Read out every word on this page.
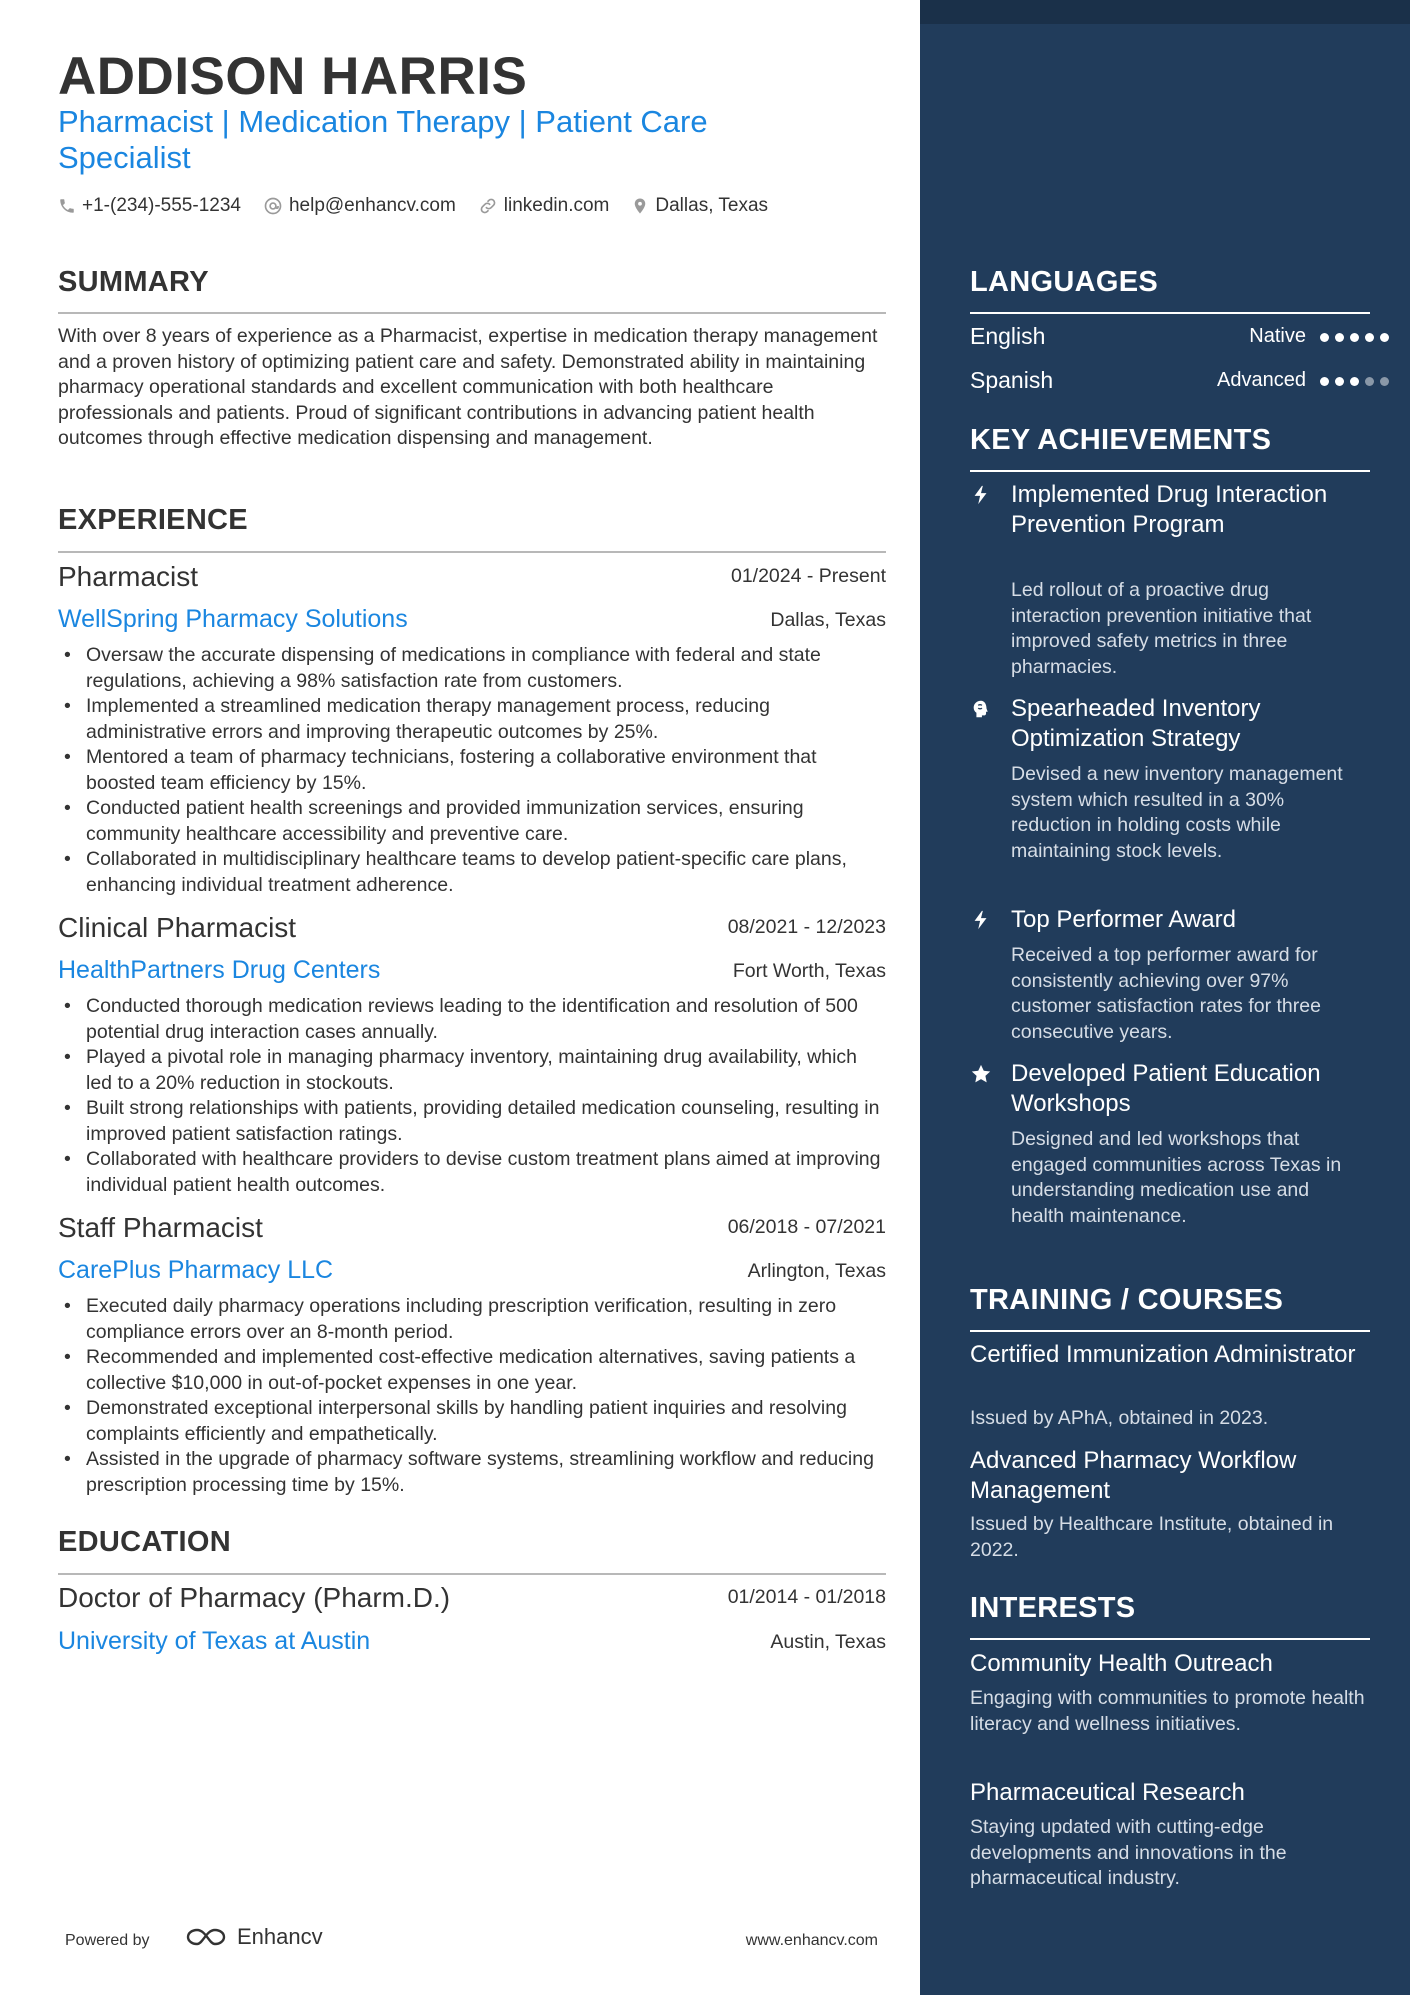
ADDISON HARRIS
Pharmacist | Medication Therapy | Patient Care Specialist
+1-(234)-555-1234	help@enhancv.com	linkedin.com Dallas, Texas
SUMMARY

With over 8 years of experience as a Pharmacist, expertise in medication therapy management and a proven history of optimizing patient care and safety. Demonstrated ability in maintaining pharmacy operational standards and excellent communication with both healthcare professionals and patients. Proud of significant contributions in advancing patient health outcomes through effective medication dispensing and management.

EXPERIENCE
Pharmacist	01/2024 - Present
WellSpring Pharmacy Solutions	Dallas, Texas
• Oversaw the accurate dispensing of medications in compliance with federal and state regulations, achieving a 98% satisfaction rate from customers.
• Implemented a streamlined medication therapy management process, reducing administrative errors and improving therapeutic outcomes by 25%.
• Mentored a team of pharmacy technicians, fostering a collaborative environment that boosted team efficiency by 15%.
• Conducted patient health screenings and provided immunization services, ensuring community healthcare accessibility and preventive care.
• Collaborated in multidisciplinary healthcare teams to develop patient-specific care plans, enhancing individual treatment adherence.
Clinical Pharmacist	08/2021 - 12/2023
HealthPartners Drug Centers	Fort Worth, Texas
• Conducted thorough medication reviews leading to the identification and resolution of 500 potential drug interaction cases annually.
• Played a pivotal role in managing pharmacy inventory, maintaining drug availability, which led to a 20% reduction in stockouts.
• Built strong relationships with patients, providing detailed medication counseling, resulting in improved patient satisfaction ratings.
• Collaborated with healthcare providers to devise custom treatment plans aimed at improving individual patient health outcomes.
Staff Pharmacist	06/2018 - 07/2021
CarePlus Pharmacy LLC	Arlington, Texas
• Executed daily pharmacy operations including prescription verification, resulting in zero compliance errors over an 8-month period.
• Recommended and implemented cost-effective medication alternatives, saving patients a collective $10,000 in out-of-pocket expenses in one year.
• Demonstrated exceptional interpersonal skills by handling patient inquiries and resolving complaints efficiently and empathetically.
• Assisted in the upgrade of pharmacy software systems, streamlining workflow and reducing prescription processing time by 15%.
EDUCATION
Doctor of Pharmacy (Pharm.D.)	01/2014 - 01/2018
University of Texas at Austin	Austin, Texas
Powered by	Enhancv	www.enhancv.com
LANGUAGES
English	Native
Spanish	Advanced
KEY ACHIEVEMENTS

Implemented Drug Interaction Prevention Program

Led rollout of a proactive drug interaction prevention initiative that improved safety metrics in three pharmacies.

Spearheaded Inventory Optimization Strategy

Devised a new inventory management system which resulted in a 30% reduction in holding costs while maintaining stock levels.

Top Performer Award

Received a top performer award for consistently achieving over 97% customer satisfaction rates for three consecutive years.

Developed Patient Education Workshops

Designed and led workshops that engaged communities across Texas in understanding medication use and health maintenance.

TRAINING / COURSES

Certified Immunization Administrator

Issued by APhA, obtained in 2023.

Advanced Pharmacy Workflow Management

Issued by Healthcare Institute, obtained in 2022.

INTERESTS

Community Health Outreach

Engaging with communities to promote health literacy and wellness initiatives.

Pharmaceutical Research

Staying updated with cutting-edge developments and innovations in the pharmaceutical industry.
